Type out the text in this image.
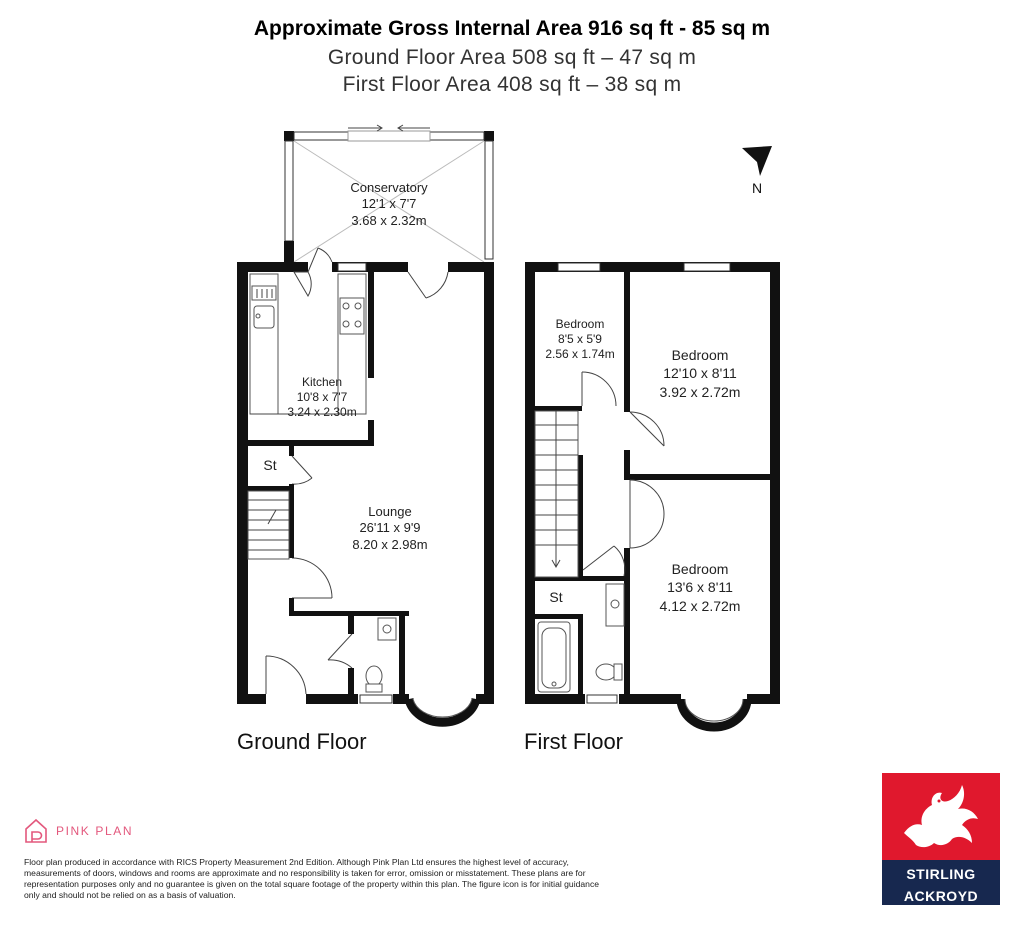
Approximate Gross Internal Area 916 sq ft - 85 sq m
Ground Floor Area 508 sq ft – 47 sq m
First Floor Area 408 sq ft – 38 sq m
Conservatory
12'1 x 7'7
3.68 x 2.32m
Kitchen
10'8 x 7'7
3.24 x 2.30m
Lounge
26'11 x 9'9
8.20 x 2.98m
St
Ground Floor
Bedroom
8'5 x 5'9
2.56 x 1.74m	Bedroom
12'10 x 8'11
3.92 x 2.72m
Bedroom
13'6 x 8'11
4.12 x 2.72m
St
First Floor
N
PINK PLAN
Floor plan produced in accordance with RICS Property Measurement 2nd Edition. Although Pink Plan Ltd ensures the highest level of accuracy, measurements of doors, windows and rooms are approximate and no responsibility is taken for error, omission or misstatement. These plans are for representation purposes only and no guarantee is given on the total square footage of the property within this plan. The figure icon is for initial guidance only and should not be relied on as a basis of valuation.
STIRLING
ACKROYD
